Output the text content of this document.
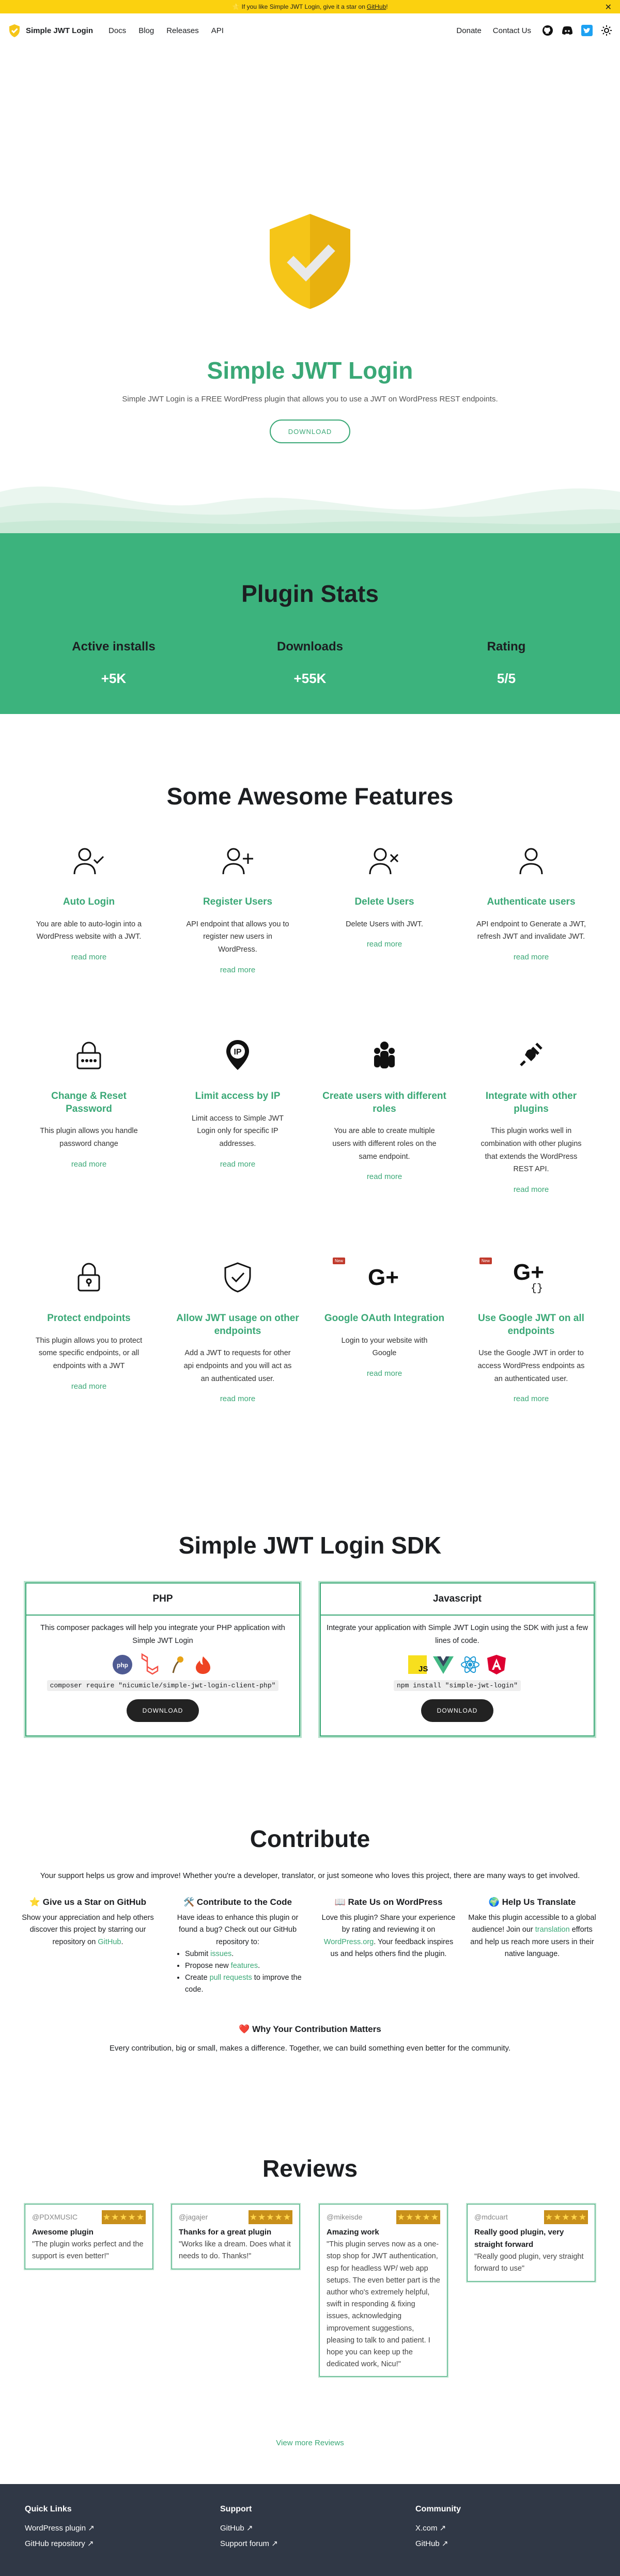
⭐️ If you like Simple JWT Login, give it a star on GitHub !	✕
Simple JWT Login Docs Blog Releases API	Donate Contact Us
Simple JWT Login

Simple JWT Login is a FREE WordPress plugin that allows you to use a JWT on WordPress REST endpoints.

DOWNLOAD
Plugin Stats
Active installs
+5K
Downloads
+55K
Rating
5/5
Some Awesome Features
Auto Login

You are able to auto-login into a WordPress website with a JWT.

read more
Register Users

API endpoint that allows you to register new users in WordPress.

read more
Delete Users

Delete Users with JWT.

read more
Authenticate users

API endpoint to Generate a JWT, refresh JWT and invalidate JWT.

read more
Change & Reset Password

This plugin allows you handle password change

read more
IP
Limit access by IP

Limit access to Simple JWT Login only for specific IP addresses.

read more
Create users with different roles

You are able to create multiple users with different roles on the same endpoint.

read more
Integrate with other plugins

This plugin works well in combination with other plugins that extends the WordPress REST API.

read more
Protect endpoints

This plugin allows you to protect some specific endpoints, or all endpoints with a JWT

read more
Allow JWT usage on other endpoints

Add a JWT to requests for other api endpoints and you will act as an authenticated user.

read more
New
G+
Google OAuth Integration

Login to your website with Google

read more
New G+
{}
Use Google JWT on all endpoints

Use the Google JWT in order to access WordPress endpoints as an authenticated user.

read more
Simple JWT Login SDK
PHP

This composer packages will help you integrate your PHP application with Simple JWT Login

php
composer require "nicumicle/simple-jwt-login-client-php"
DOWNLOAD
Javascript

Integrate your application with Simple JWT Login using the SDK with just a few lines of code.

JS
npm install "simple-jwt-login"
DOWNLOAD
Contribute

Your support helps us grow and improve! Whether you're a developer, translator, or just someone who loves this project, there are many ways to get involved.

⭐ Give us a Star on GitHub
Show your appreciation and help others discover this project by starring our repository on GitHub.
🛠️ Contribute to the Code
Have ideas to enhance this plugin or found a bug? Check out our GitHub repository to:
• Submit issues.
• Propose new features.
• Create pull requests to improve the code.
📖 Rate Us on WordPress
Love this plugin? Share your experience by rating and reviewing it on WordPress.org. Your feedback inspires us and helps others find the plugin.
🌍 Help Us Translate
Make this plugin accessible to a global audience! Join our translation efforts and help us reach more users in their native language.
❤️ Why Your Contribution Matters

Every contribution, big or small, makes a difference. Together, we can build something even better for the community.

Reviews
@PDXMUSIC	★★★★★
Awesome plugin
"The plugin works perfect and the support is even better!"
@jagajer	★★★★★
Thanks for a great plugin
"Works like a dream. Does what it needs to do. Thanks!"
@mikeisde	★★★★★
Amazing work
"This plugin serves now as a one-stop shop for JWT authentication, esp for headless WP/ web app setups. The even better part is the author who's extremely helpful, swift in responding & fixing issues, acknowledging improvement suggestions, pleasing to talk to and patient. I hope you can keep up the dedicated work, Nicu!"
@mdcuart	★★★★★
Really good plugin, very straight forward
"Really good plugin, very straight forward to use"
View more Reviews
Quick Links
WordPress plugin ↗
GitHub repository ↗
Support
GitHub ↗
Support forum ↗
Community
X.com ↗
GitHub ↗
